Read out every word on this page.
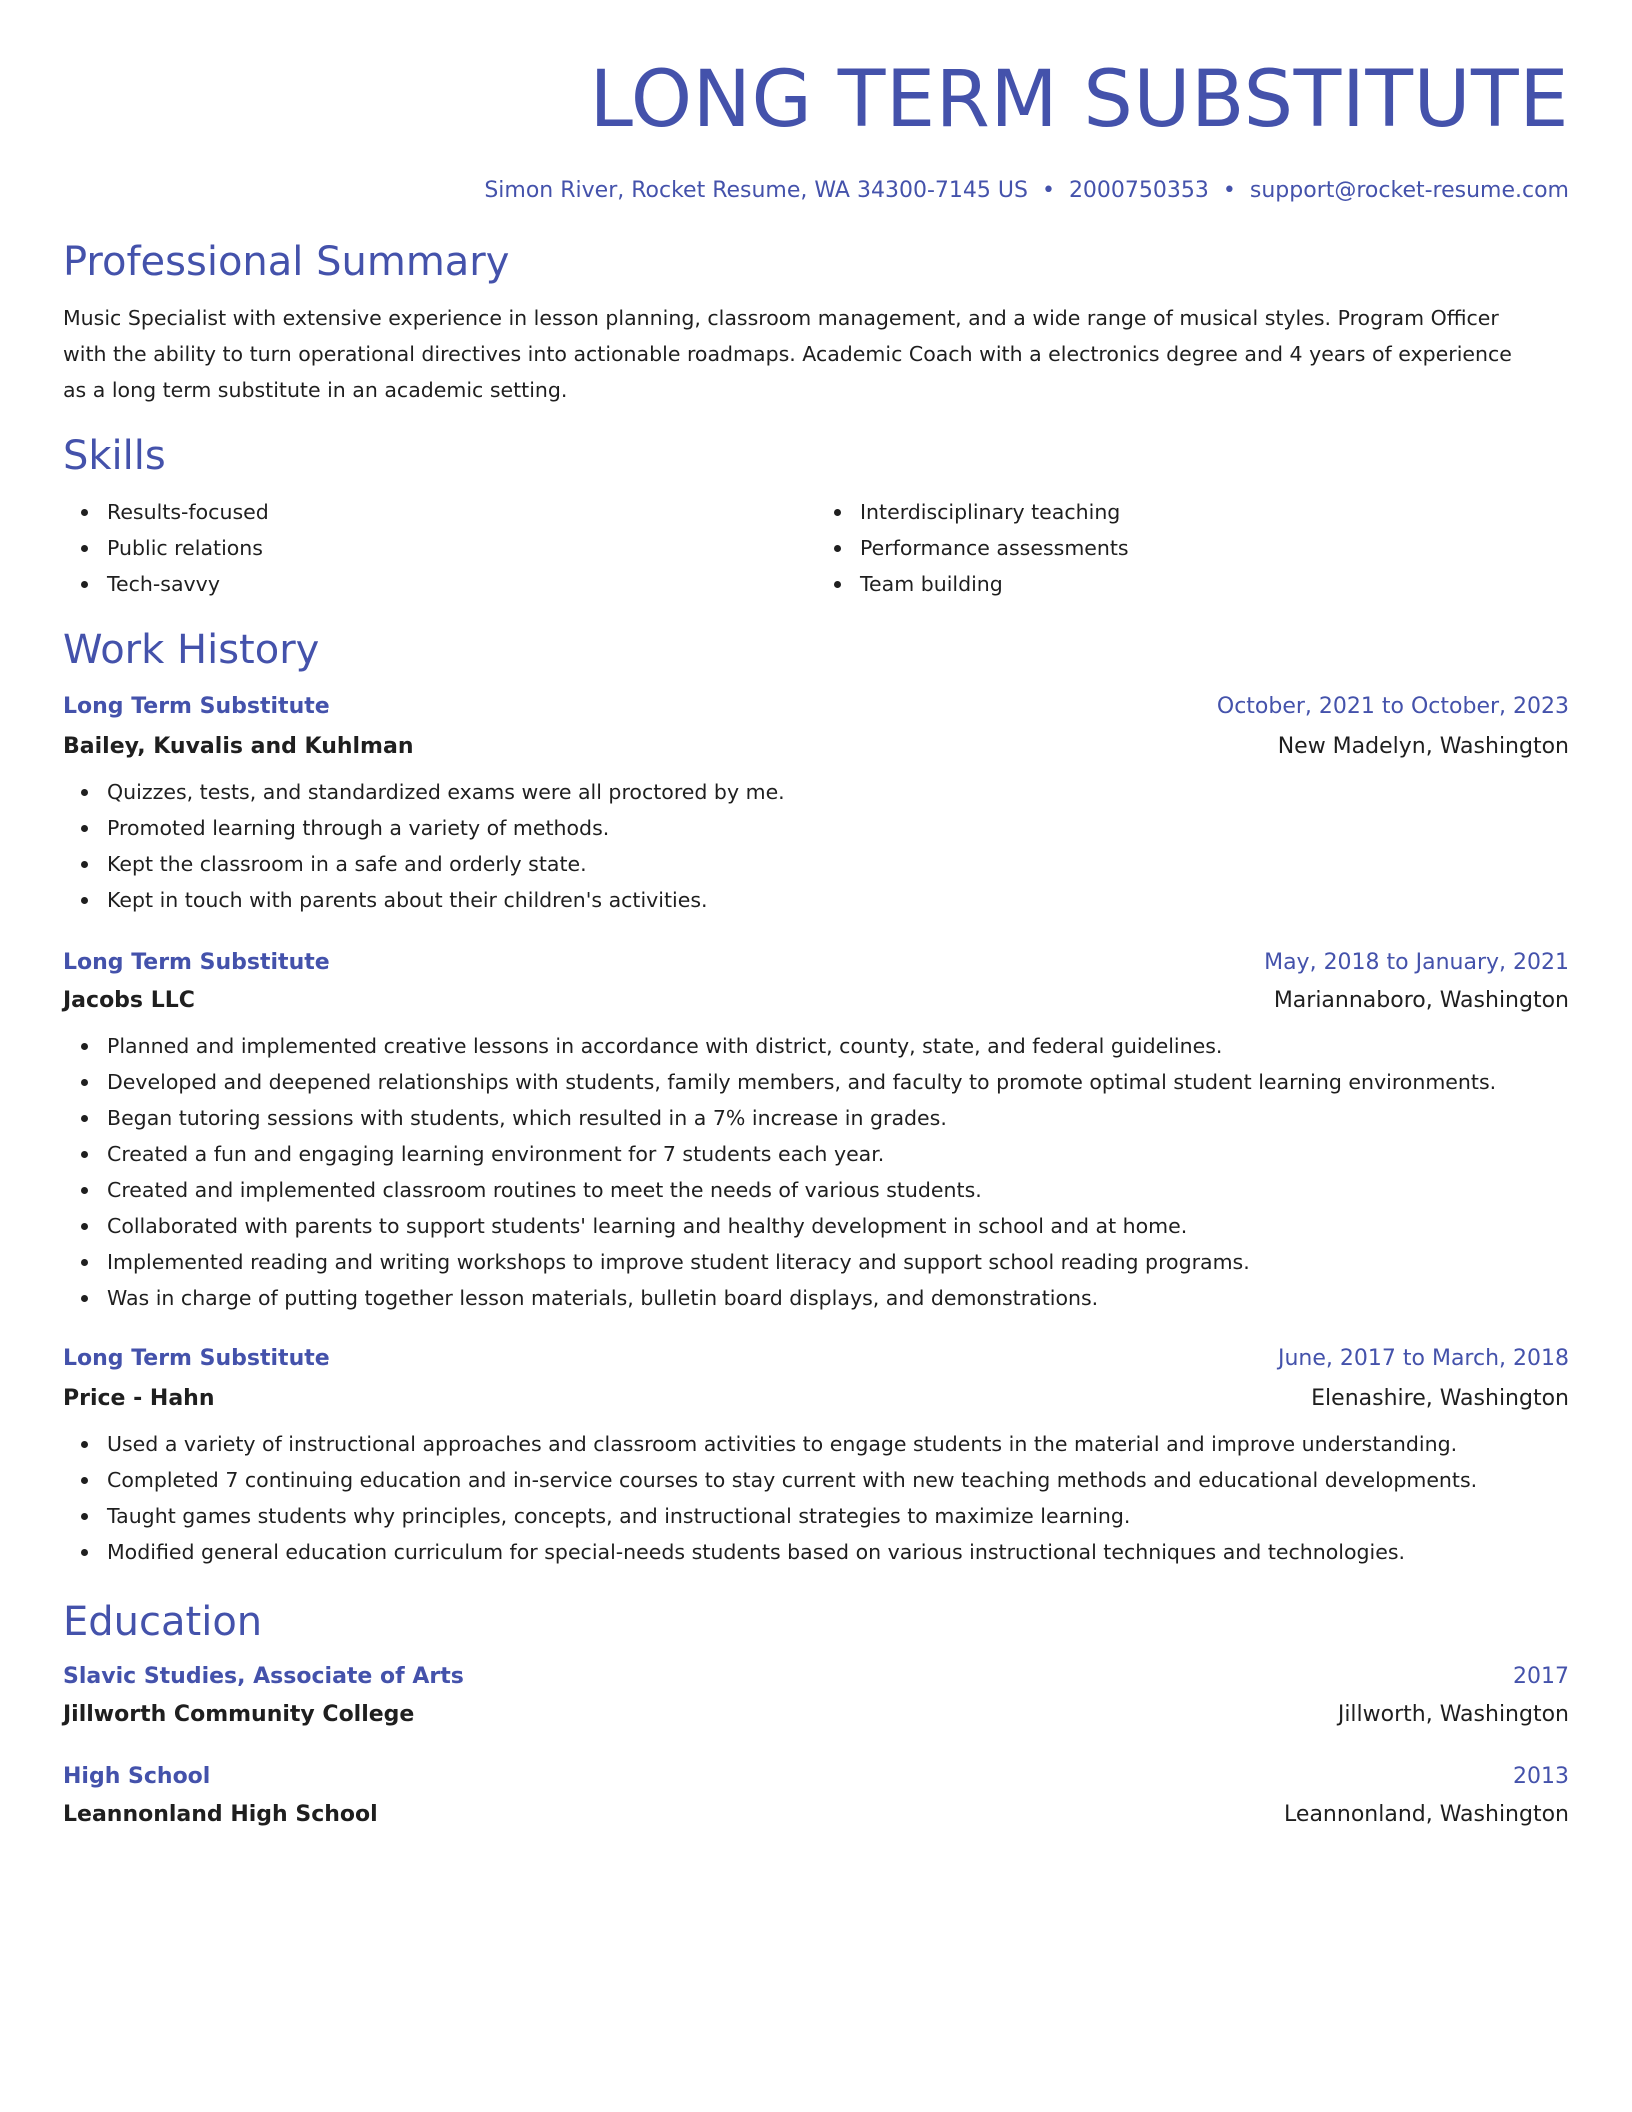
LONG TERM SUBSTITUTE
Simon River, Rocket Resume, WA 34300-7145 US • 2000750353 • support@rocket-resume.com
Professional Summary
Music Specialist with extensive experience in lesson planning, classroom management, and a wide range of musical styles. Program Officer
with the ability to turn operational directives into actionable roadmaps. Academic Coach with a electronics degree and 4 years of experience
as a long term substitute in an academic setting.
Skills
Results-focused
Public relations
Tech-savvy
Interdisciplinary teaching
Performance assessments
Team building
Work History
Long Term Substitute	October, 2021 to October, 2023
Bailey, Kuvalis and Kuhlman	New Madelyn, Washington
Quizzes, tests, and standardized exams were all proctored by me.
Promoted learning through a variety of methods.
Kept the classroom in a safe and orderly state.
Kept in touch with parents about their children's activities.
Long Term Substitute	May, 2018 to January, 2021
Jacobs LLC	Mariannaboro, Washington
Planned and implemented creative lessons in accordance with district, county, state, and federal guidelines.
Developed and deepened relationships with students, family members, and faculty to promote optimal student learning environments.
Began tutoring sessions with students, which resulted in a 7% increase in grades.
Created a fun and engaging learning environment for 7 students each year.
Created and implemented classroom routines to meet the needs of various students.
Collaborated with parents to support students' learning and healthy development in school and at home.
Implemented reading and writing workshops to improve student literacy and support school reading programs.
Was in charge of putting together lesson materials, bulletin board displays, and demonstrations.
Long Term Substitute	June, 2017 to March, 2018
Price - Hahn	Elenashire, Washington
Used a variety of instructional approaches and classroom activities to engage students in the material and improve understanding.
Completed 7 continuing education and in-service courses to stay current with new teaching methods and educational developments.
Taught games students why principles, concepts, and instructional strategies to maximize learning.
Modified general education curriculum for special-needs students based on various instructional techniques and technologies.
Education
Slavic Studies, Associate of Arts	2017
Jillworth Community College	Jillworth, Washington
High School	2013
Leannonland High School	Leannonland, Washington
